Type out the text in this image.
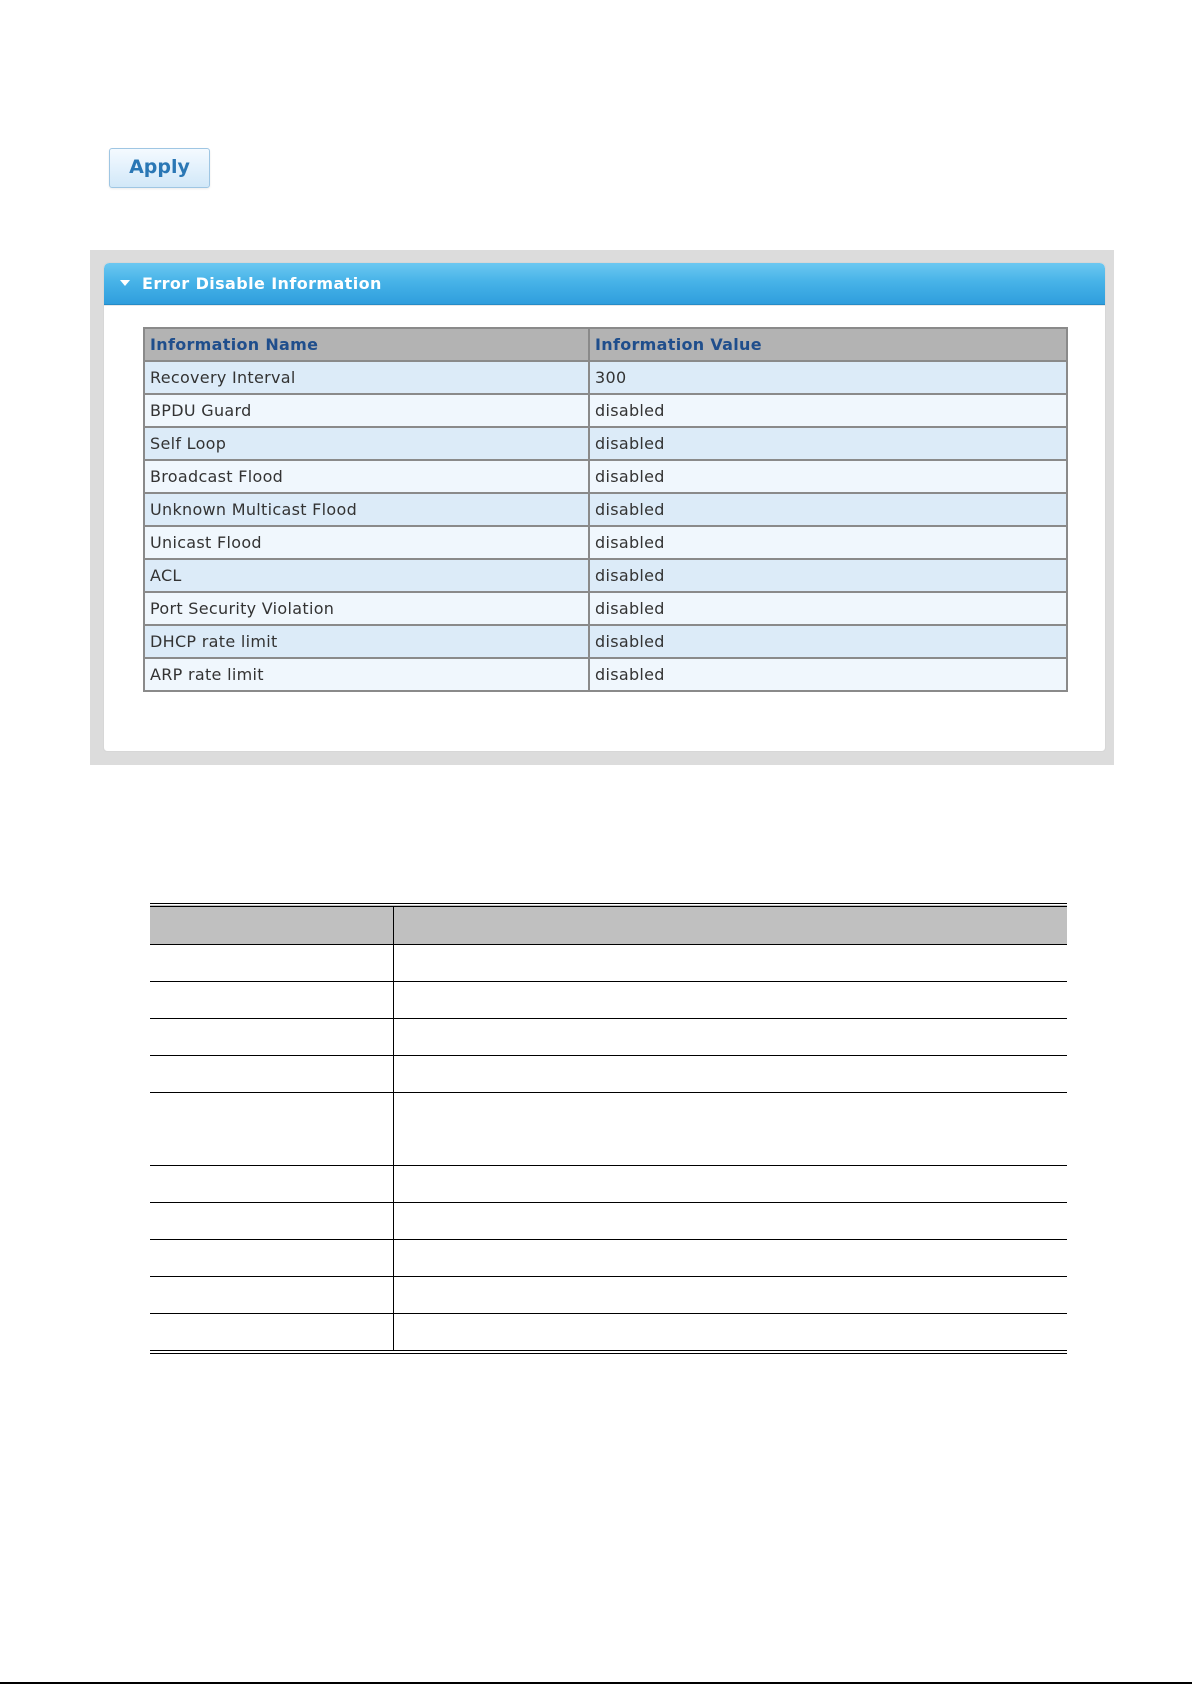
Apply
Error Disable Information
Information Name	Information Value
Recovery Interval	300
BPDU Guard	disabled
Self Loop	disabled
Broadcast Flood	disabled
Unknown Multicast Flood	disabled
Unicast Flood	disabled
ACL	disabled
Port Security Violation	disabled
DHCP rate limit	disabled
ARP rate limit	disabled
